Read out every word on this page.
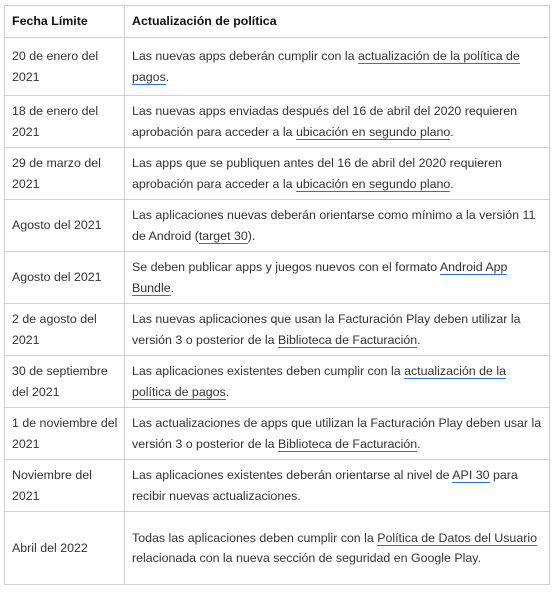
Fecha Límite	Actualización de política
20 de enero del 2021	Las nuevas apps deberán cumplir con la actualización de la política de pagos.
18 de enero del 2021	Las nuevas apps enviadas después del 16 de abril del 2020 requieren aprobación para acceder a la ubicación en segundo plano.
29 de marzo del 2021	Las apps que se publiquen antes del 16 de abril del 2020 requieren aprobación para acceder a la ubicación en segundo plano.
Agosto del 2021	Las aplicaciones nuevas deberán orientarse como mínimo a la versión 11 de Android (target 30).
Agosto del 2021	Se deben publicar apps y juegos nuevos con el formato Android App Bundle.
2 de agosto del 2021	Las nuevas aplicaciones que usan la Facturación Play deben utilizar la versión 3 o posterior de la Biblioteca de Facturación.
30 de septiembre del 2021	Las aplicaciones existentes deben cumplir con la actualización de la política de pagos.
1 de noviembre del 2021	Las actualizaciones de apps que utilizan la Facturación Play deben usar la versión 3 o posterior de la Biblioteca de Facturación.
Noviembre del 2021	Las aplicaciones existentes deberán orientarse al nivel de API 30 para recibir nuevas actualizaciones.
Abril del 2022	Todas las aplicaciones deben cumplir con la Política de Datos del Usuario relacionada con la nueva sección de seguridad en Google Play.
